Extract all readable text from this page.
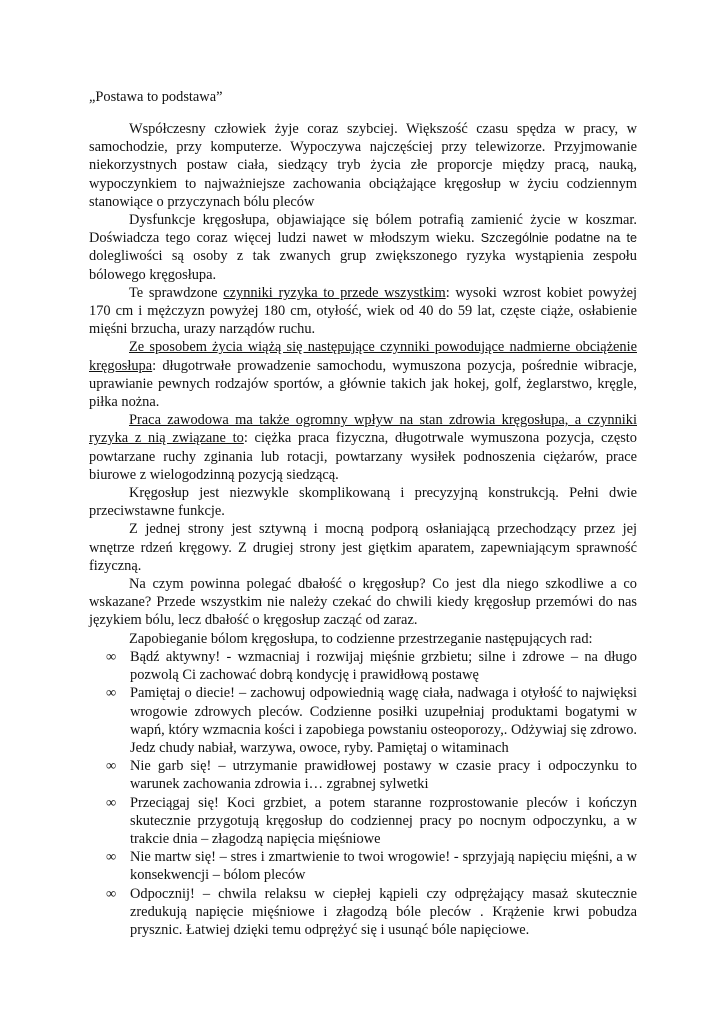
„Postawa to podstawa”

Współczesny człowiek żyje coraz szybciej. Większość czasu spędza w pracy, w samochodzie, przy komputerze. Wypoczywa najczęściej przy telewizorze. Przyjmowanie niekorzystnych postaw ciała, siedzący tryb życia złe proporcje między pracą, nauką, wypoczynkiem to najważniejsze zachowania obciążające kręgosłup w życiu codziennym stanowiące o przyczynach bólu pleców

Dysfunkcje kręgosłupa, objawiające się bólem potrafią zamienić życie w koszmar. Doświadcza tego coraz więcej ludzi nawet w młodszym wieku. Szczególnie podatne na te dolegliwości są osoby z tak zwanych grup zwiększonego ryzyka wystąpienia zespołu bólowego kręgosłupa.

Te sprawdzone czynniki ryzyka to przede wszystkim: wysoki wzrost kobiet powyżej 170 cm i mężczyzn powyżej 180 cm, otyłość, wiek od 40 do 59 lat, częste ciąże, osłabienie mięśni brzucha, urazy narządów ruchu.

Ze sposobem życia wiążą się następujące czynniki powodujące nadmierne obciążenie kręgosłupa: długotrwałe prowadzenie samochodu, wymuszona pozycja, pośrednie wibracje, uprawianie pewnych rodzajów sportów, a głównie takich jak hokej, golf, żeglarstwo, kręgle, piłka nożna.

Praca zawodowa ma także ogromny wpływ na stan zdrowia kręgosłupa, a czynniki ryzyka z nią związane to: ciężka praca fizyczna, długotrwale wymuszona pozycja, często powtarzane ruchy zginania lub rotacji, powtarzany wysiłek podnoszenia ciężarów, prace biurowe z wielogodzinną pozycją siedzącą.

Kręgosłup jest niezwykle skomplikowaną i precyzyjną konstrukcją. Pełni dwie przeciwstawne funkcje.

Z jednej strony jest sztywną i mocną podporą osłaniającą przechodzący przez jej wnętrze rdzeń kręgowy. Z drugiej strony jest giętkim aparatem, zapewniającym sprawność fizyczną.

Na czym powinna polegać dbałość o kręgosłup? Co jest dla niego szkodliwe a co wskazane? Przede wszystkim nie należy czekać do chwili kiedy kręgosłup przemówi do nas językiem bólu, lecz dbałość o kręgosłup zacząć od zaraz.

Zapobieganie bólom kręgosłupa, to codzienne przestrzeganie następujących rad:

∞ Bądź aktywny! - wzmacniaj i rozwijaj mięśnie grzbietu; silne i zdrowe – na długo pozwolą Ci zachować dobrą kondycję i prawidłową postawę
∞ Pamiętaj o diecie! – zachowuj odpowiednią wagę ciała, nadwaga i otyłość to najwięksi wrogowie zdrowych pleców. Codzienne posiłki uzupełniaj produktami bogatymi w wapń, który wzmacnia kości i zapobiega powstaniu osteoporozy,. Odżywiaj się zdrowo. Jedz chudy nabiał, warzywa, owoce, ryby. Pamiętaj o witaminach
∞ Nie garb się! – utrzymanie prawidłowej postawy w czasie pracy i odpoczynku to warunek zachowania zdrowia i… zgrabnej sylwetki
∞ Przeciągaj się! Koci grzbiet, a potem staranne rozprostowanie pleców i kończyn skutecznie przygotują kręgosłup do codziennej pracy po nocnym odpoczynku, a w trakcie dnia – złagodzą napięcia mięśniowe
∞ Nie martw się! – stres i zmartwienie to twoi wrogowie! - sprzyjają napięciu mięśni, a w konsekwencji – bólom pleców
∞ Odpocznij! – chwila relaksu w ciepłej kąpieli czy odprężający masaż skutecznie zredukują napięcie mięśniowe i złagodzą bóle pleców . Krążenie krwi pobudza prysznic. Łatwiej dzięki temu odprężyć się i usunąć bóle napięciowe.
